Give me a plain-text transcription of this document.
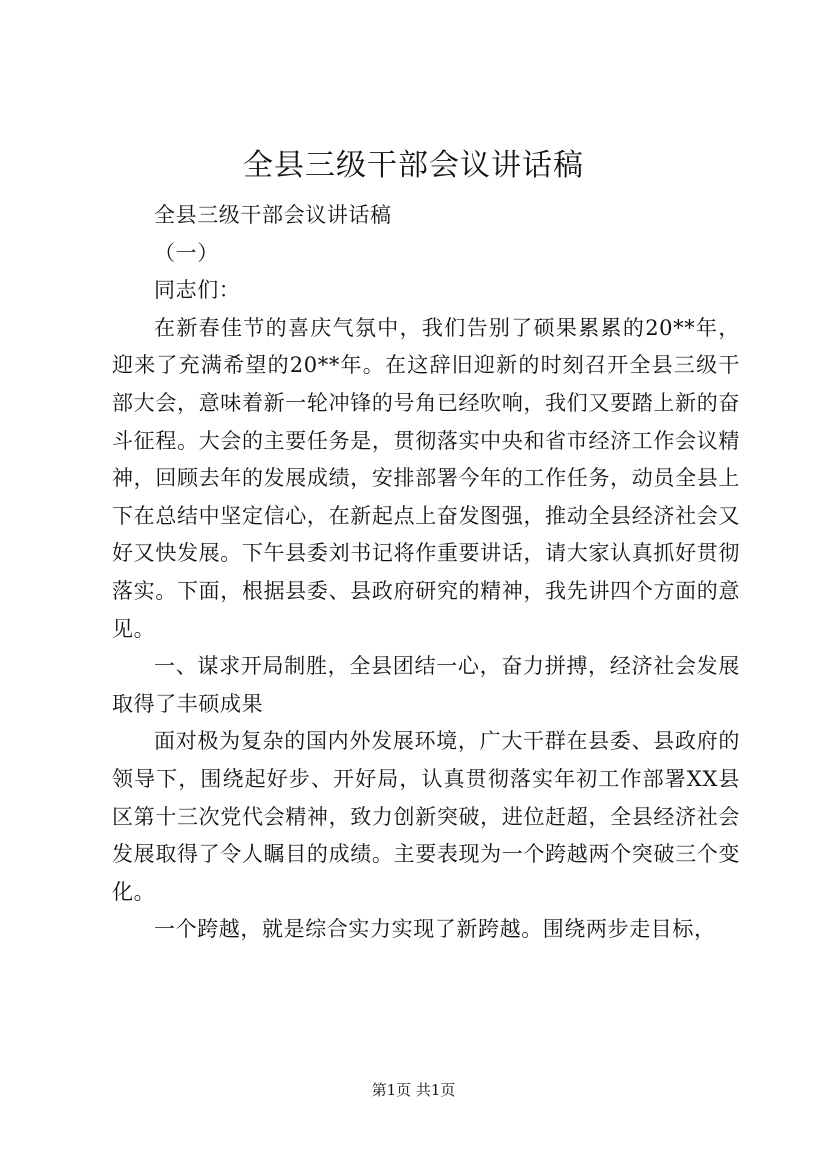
全县三级干部会议讲话稿

全县三级干部会议讲话稿

（一）

同志们：

在新春佳节的喜庆气氛中，我们告别了硕果累累的20**年，迎来了充满希望的20**年。在这辞旧迎新的时刻召开全县三级干部大会，意味着新一轮冲锋的号角已经吹响，我们又要踏上新的奋斗征程。大会的主要任务是，贯彻落实中央和省市经济工作会议精神，回顾去年的发展成绩，安排部署今年的工作任务，动员全县上下在总结中坚定信心，在新起点上奋发图强，推动全县经济社会又好又快发展。下午县委刘书记将作重要讲话，请大家认真抓好贯彻落实。下面，根据县委、县政府研究的精神，我先讲四个方面的意见。

一、谋求开局制胜，全县团结一心，奋力拼搏，经济社会发展取得了丰硕成果

面对极为复杂的国内外发展环境，广大干群在县委、县政府的领导下，围绕起好步、开好局，认真贯彻落实年初工作部署XX县区第十三次党代会精神，致力创新突破，进位赶超，全县经济社会发展取得了令人瞩目的成绩。主要表现为一个跨越两个突破三个变化。

一个跨越，就是综合实力实现了新跨越。围绕两步走目标，

第1页 共1页
